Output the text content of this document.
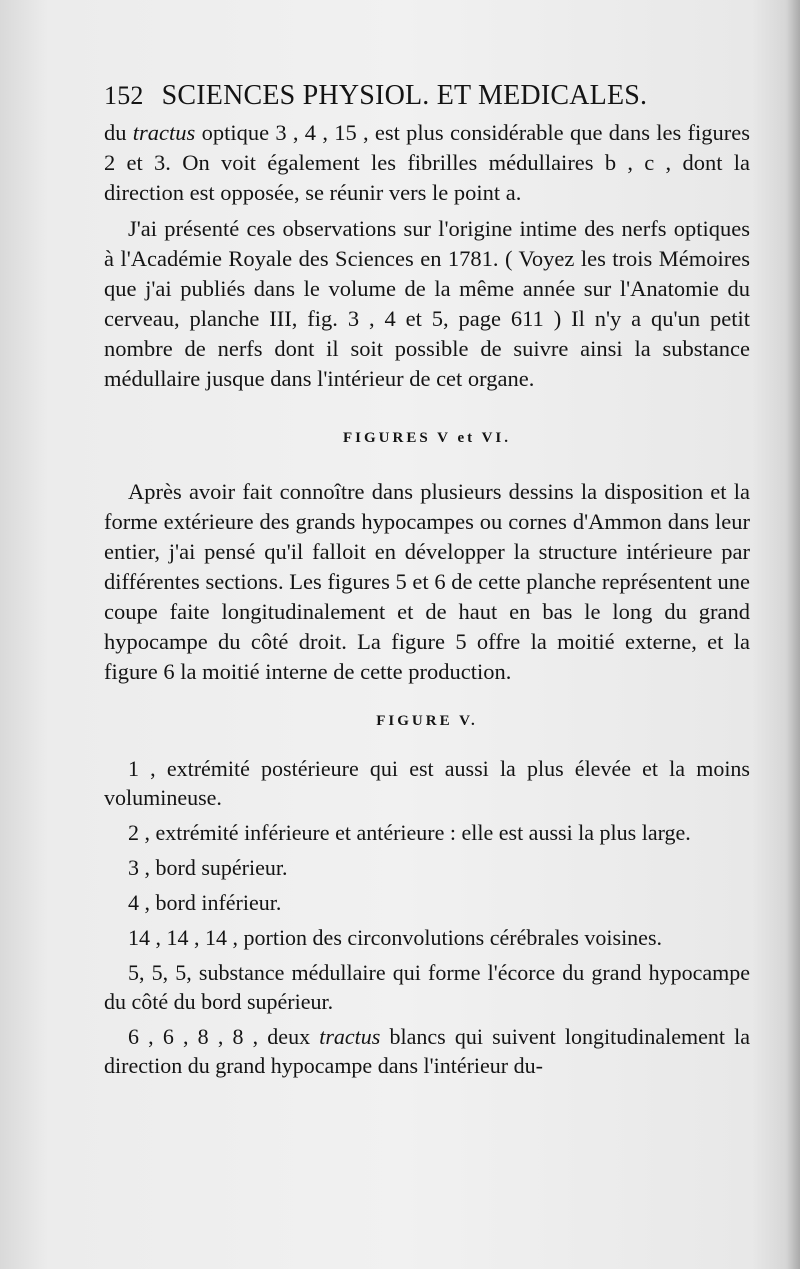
152 SCIENCES PHYSIOL. ET MEDICALES.

du tractus optique 3 , 4 , 15 , est plus considérable que dans les figures 2 et 3. On voit également les fibrilles médullaires b , c , dont la direction est opposée, se réunir vers le point a.

J'ai présenté ces observations sur l'origine intime des nerfs optiques à l'Académie Royale des Sciences en 1781. ( Voyez les trois Mémoires que j'ai publiés dans le volume de la même année sur l'Anatomie du cerveau, planche III, fig. 3 , 4 et 5, page 611 ) Il n'y a qu'un petit nombre de nerfs dont il soit possible de suivre ainsi la substance médullaire jusque dans l'intérieur de cet organe.

FIGURES V et VI.

Après avoir fait connoître dans plusieurs dessins la disposition et la forme extérieure des grands hypocampes ou cornes d'Ammon dans leur entier, j'ai pensé qu'il falloit en développer la structure intérieure par différentes sections. Les figures 5 et 6 de cette planche représentent une coupe faite longitudinalement et de haut en bas le long du grand hypocampe du côté droit. La figure 5 offre la moitié externe, et la figure 6 la moitié interne de cette production.

FIGURE V.

1 , extrémité postérieure qui est aussi la plus élevée et la moins volumineuse.

2 , extrémité inférieure et antérieure : elle est aussi la plus large.

3 , bord supérieur.

4 , bord inférieur.

14 , 14 , 14 , portion des circonvolutions cérébrales voisines.

5, 5, 5, substance médullaire qui forme l'écorce du grand hypocampe du côté du bord supérieur.

6 , 6 , 8 , 8 , deux tractus blancs qui suivent longitudinalement la direction du grand hypocampe dans l'intérieur du-
